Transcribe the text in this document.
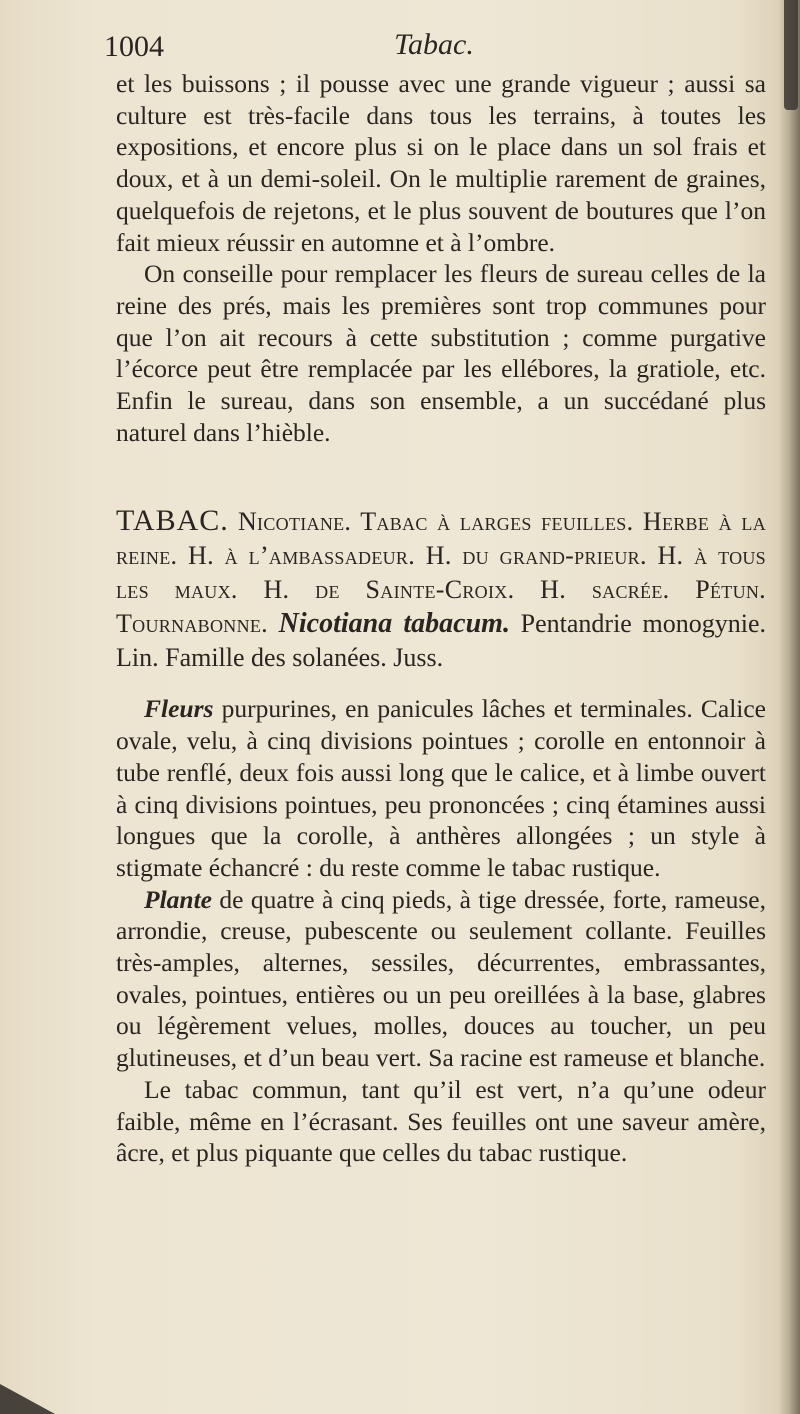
1004	Tabac.

et les buissons ; il pousse avec une grande vigueur ; aussi sa culture est très-facile dans tous les terrains, à toutes les expositions, et encore plus si on le place dans un sol frais et doux, et à un demi-soleil. On le multiplie rarement de graines, quelquefois de rejetons, et le plus souvent de boutures que l’on fait mieux réussir en automne et à l’ombre.

On conseille pour remplacer les fleurs de sureau celles de la reine des prés, mais les premières sont trop communes pour que l’on ait recours à cette substitution ; comme purgative l’écorce peut être remplacée par les ellébores, la gratiole, etc. Enfin le sureau, dans son ensemble, a un succédané plus naturel dans l’hièble.

TABAC. Nicotiane. Tabac à larges feuilles. Herbe à la reine. H. à l’ambassadeur. H. du grand-prieur. H. à tous les maux. H. de Sainte-Croix. H. sacrée. Pétun. Tournabonne. Nicotiana tabacum. Pentandrie monogynie. Lin. Famille des solanées. Juss.

Fleurs purpurines, en panicules lâches et terminales. Calice ovale, velu, à cinq divisions pointues ; corolle en entonnoir à tube renflé, deux fois aussi long que le calice, et à limbe ouvert à cinq divisions pointues, peu prononcées ; cinq étamines aussi longues que la corolle, à anthères allongées ; un style à stigmate échancré : du reste comme le tabac rustique.

Plante de quatre à cinq pieds, à tige dressée, forte, rameuse, arrondie, creuse, pubescente ou seulement collante. Feuilles très-amples, alternes, sessiles, décurrentes, embrassantes, ovales, pointues, entières ou un peu oreillées à la base, glabres ou légèrement velues, molles, douces au toucher, un peu glutineuses, et d’un beau vert. Sa racine est rameuse et blanche.

Le tabac commun, tant qu’il est vert, n’a qu’une odeur faible, même en l’écrasant. Ses feuilles ont une saveur amère, âcre, et plus piquante que celles du tabac rustique.
